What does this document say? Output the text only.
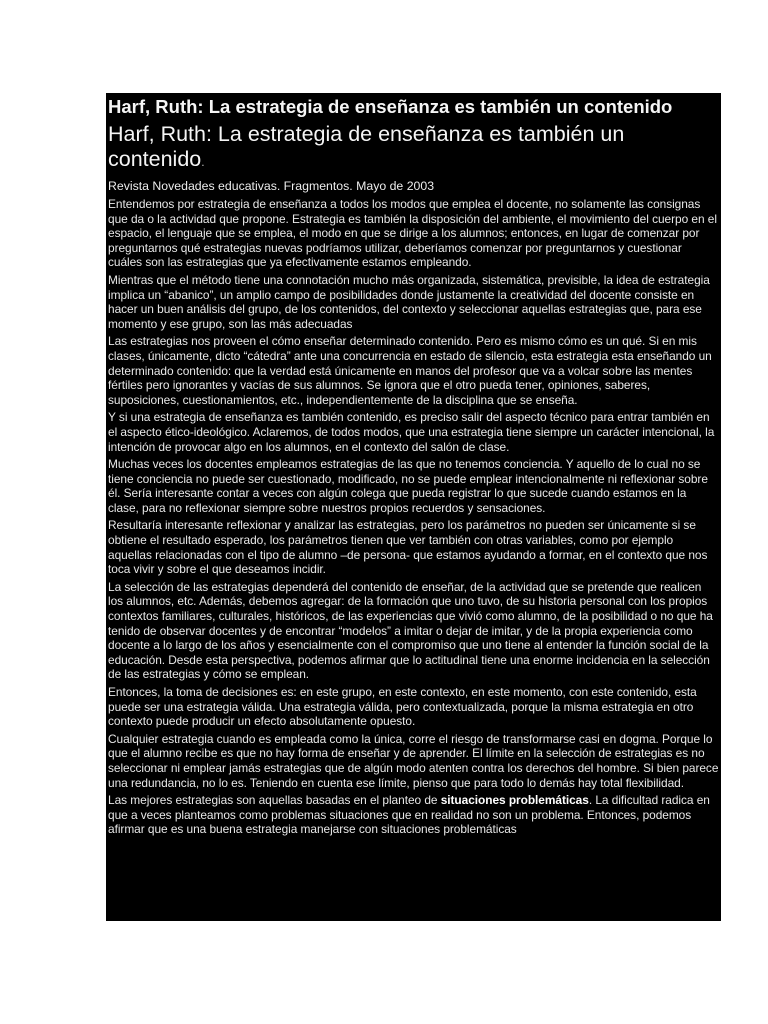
Harf, Ruth: La estrategia de enseñanza es también un contenido
Harf, Ruth: La estrategia de enseñanza es también un contenido.
Revista Novedades educativas. Fragmentos. Mayo de 2003

Entendemos por estrategia de enseñanza a todos los modos que emplea el docente, no solamente las consignas que da o la actividad que propone. Estrategia es también la disposición del ambiente, el movimiento del cuerpo en el espacio, el lenguaje que se emplea, el modo en que se dirige a los alumnos; entonces, en lugar de comenzar por preguntarnos qué estrategias nuevas podríamos utilizar, deberíamos comenzar por preguntarnos y cuestionar cuáles son las estrategias que ya efectivamente estamos empleando.

Mientras que el método tiene una connotación mucho más organizada, sistemática, previsible, la idea de estrategia implica un “abanico”, un amplio campo de posibilidades donde justamente la creatividad del docente consiste en hacer un buen análisis del grupo, de los contenidos, del contexto y seleccionar aquellas estrategias que, para ese momento y ese grupo, son las más adecuadas

Las estrategias nos proveen el cómo enseñar determinado contenido. Pero es mismo cómo es un qué. Si en mis clases, únicamente, dicto “cátedra” ante una concurrencia en estado de silencio, esta estrategia esta enseñando un determinado contenido: que la verdad está únicamente en manos del profesor que va a volcar sobre las mentes fértiles pero ignorantes y vacías de sus alumnos. Se ignora que el otro pueda tener, opiniones, saberes, suposiciones, cuestionamientos, etc., independientemente de la disciplina que se enseña.

Y si una estrategia de enseñanza es también contenido, es preciso salir del aspecto técnico para entrar también en el aspecto ético-ideológico. Aclaremos, de todos modos, que una estrategia tiene siempre un carácter intencional, la intención de provocar algo en los alumnos, en el contexto del salón de clase.

Muchas veces los docentes empleamos estrategias de las que no tenemos conciencia. Y aquello de lo cual no se tiene conciencia no puede ser cuestionado, modificado, no se puede emplear intencionalmente ni reflexionar sobre él. Sería interesante contar a veces con algún colega que pueda registrar lo que sucede cuando estamos en la clase, para no reflexionar siempre sobre nuestros propios recuerdos y sensaciones.

Resultaría interesante reflexionar y analizar las estrategias, pero los parámetros no pueden ser únicamente si se obtiene el resultado esperado, los parámetros tienen que ver también con otras variables, como por ejemplo aquellas relacionadas con el tipo de alumno –de persona- que estamos ayudando a formar, en el contexto que nos toca vivir y sobre el que deseamos incidir.

La selección de las estrategias dependerá del contenido de enseñar, de la actividad que se pretende que realicen los alumnos, etc. Además, debemos agregar: de la formación que uno tuvo, de su historia personal con los propios contextos familiares, culturales, históricos, de las experiencias que vivió como alumno, de la posibilidad o no que ha tenido de observar docentes y de encontrar “modelos” a imitar o dejar de imitar, y de la propia experiencia como docente a lo largo de los años y esencialmente con el compromiso que uno tiene al entender la función social de la educación. Desde esta perspectiva, podemos afirmar que lo actitudinal tiene una enorme incidencia en la selección de las estrategias y cómo se emplean.

Entonces, la toma de decisiones es: en este grupo, en este contexto, en este momento, con este contenido, esta puede ser una estrategia válida. Una estrategia válida, pero contextualizada, porque la misma estrategia en otro contexto puede producir un efecto absolutamente opuesto.

Cualquier estrategia cuando es empleada como la única, corre el riesgo de transformarse casi en dogma. Porque lo que el alumno recibe es que no hay forma de enseñar y de aprender. El límite en la selección de estrategias es no seleccionar ni emplear jamás estrategias que de algún modo atenten contra los derechos del hombre. Si bien parece una redundancia, no lo es. Teniendo en cuenta ese límite, pienso que para todo lo demás hay total flexibilidad.

Las mejores estrategias son aquellas basadas en el planteo de situaciones problemáticas. La dificultad radica en que a veces planteamos como problemas situaciones que en realidad no son un problema. Entonces, podemos afirmar que es una buena estrategia manejarse con situaciones problemáticas
